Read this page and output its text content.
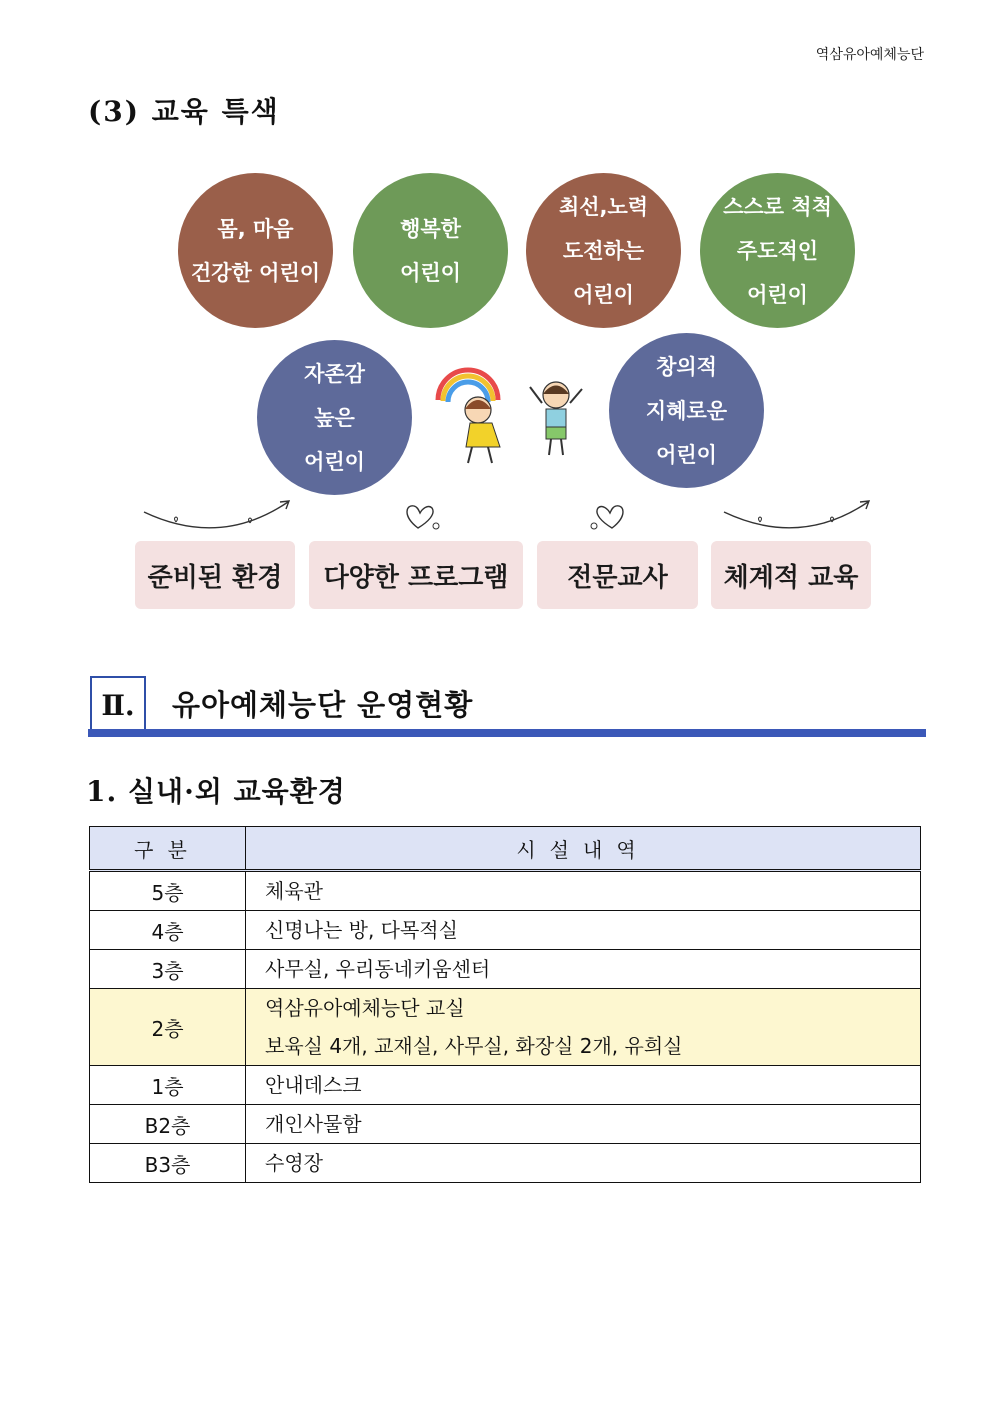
역삼유아예체능단
(3) 교육 특색
몸, 마음
건강한 어린이
행복한
어린이
최선,노력
도전하는
어린이
스스로 척척
주도적인
어린이
자존감
높은
어린이
창의적
지혜로운
어린이
준비된 환경	다양한 프로그램	전문교사	체계적 교육
Ⅱ.	유아예체능단 운영현황
1. 실내·외 교육환경
구분	시설내역
5층	체육관

4층	신명나는 방, 다목적실

3층	사무실, 우리동네키움센터

2층	역삼유아예체능단 교실
보육실 4개, 교재실, 사무실, 화장실 2개, 유희실

1층	안내데스크

B2층	개인사물함

B3층	수영장
